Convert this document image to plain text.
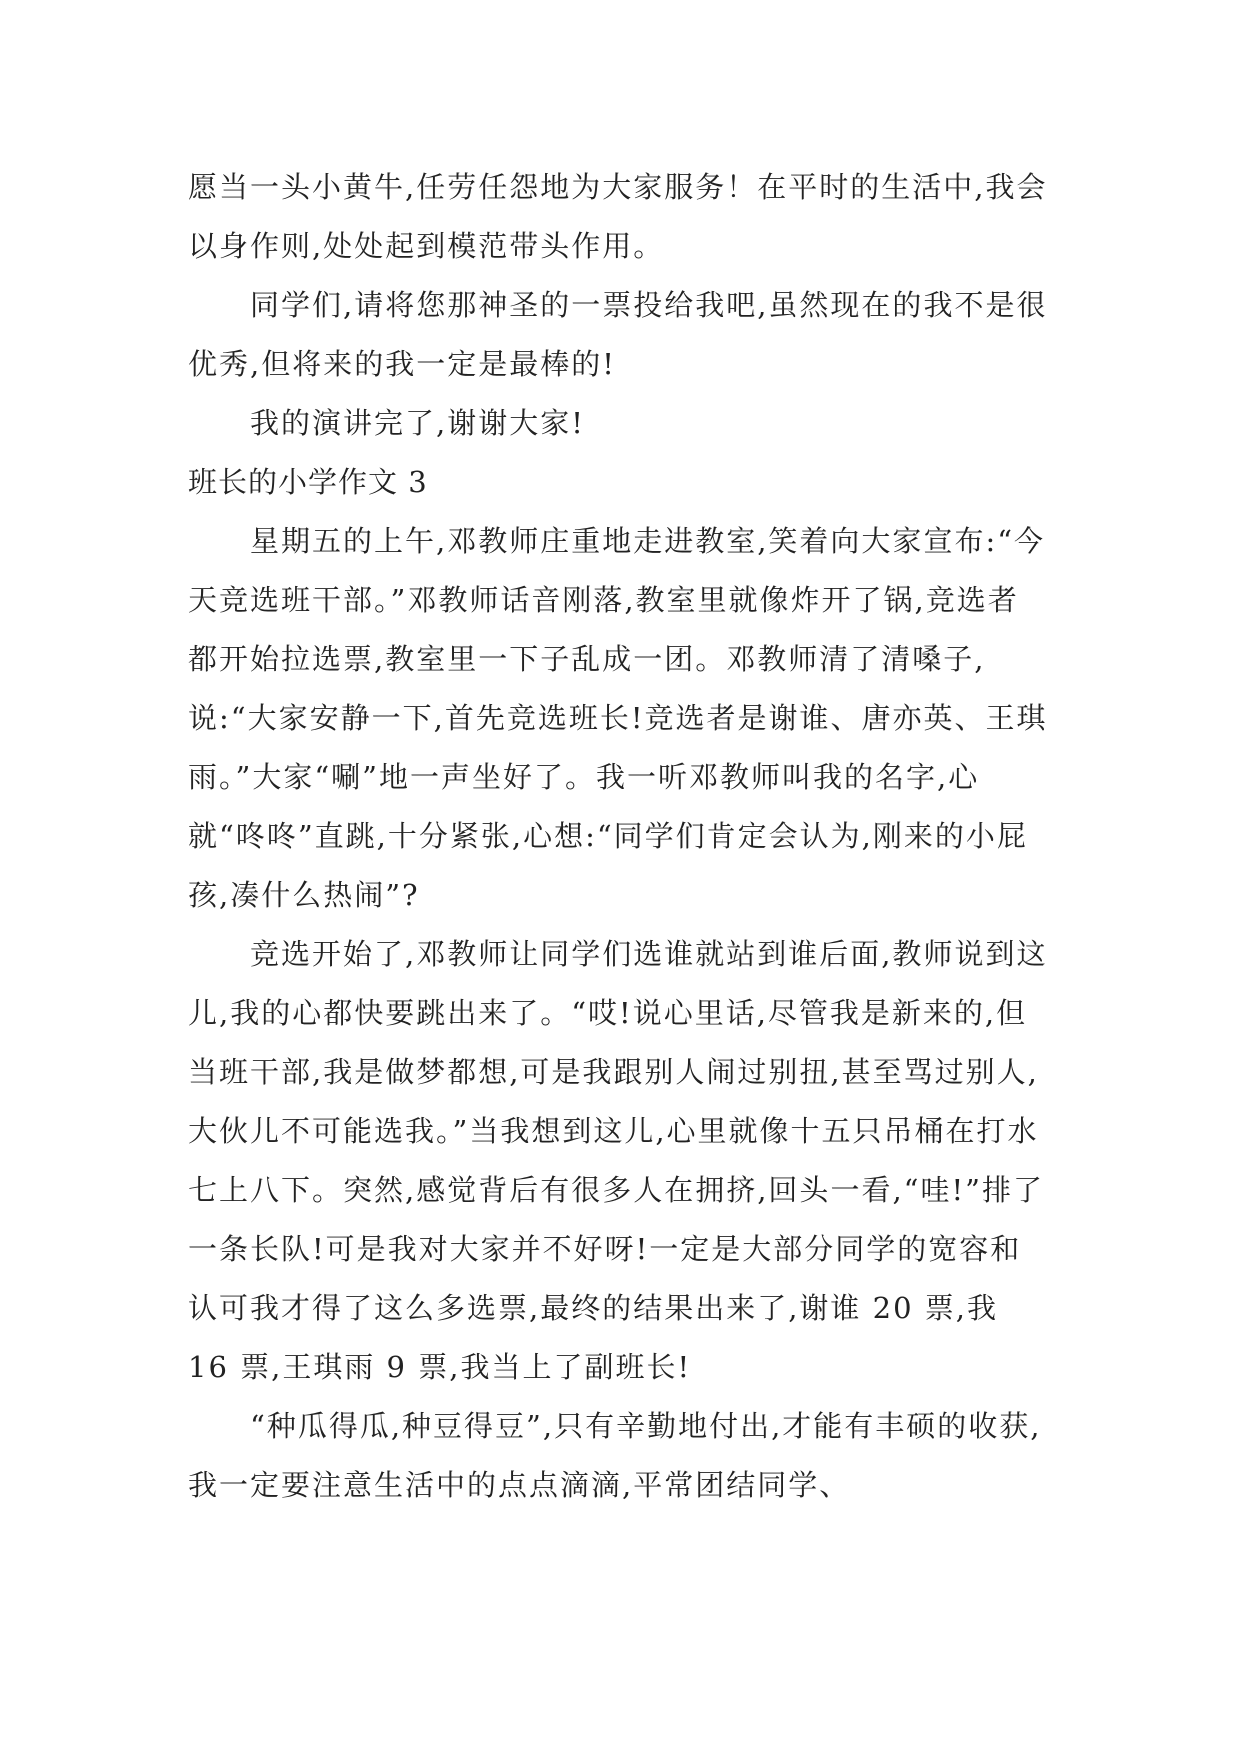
愿当一头小黄牛,任劳任怨地为大家服务！在平时的生活中,我会以身作则,处处起到模范带头作用。

同学们,请将您那神圣的一票投给我吧,虽然现在的我不是很优秀,但将来的我一定是最棒的!

我的演讲完了,谢谢大家!

班长的小学作文 3

星期五的上午,邓教师庄重地走进教室,笑着向大家宣布:“今天竞选班干部。”邓教师话音刚落,教室里就像炸开了锅,竞选者都开始拉选票,教室里一下子乱成一团。邓教师清了清嗓子,说:“大家安静一下,首先竞选班长!竞选者是谢谁、唐亦英、王琪雨。”大家“唰”地一声坐好了。我一听邓教师叫我的名字,心就“咚咚”直跳,十分紧张,心想:“同学们肯定会认为,刚来的小屁孩,凑什么热闹”?

竞选开始了,邓教师让同学们选谁就站到谁后面,教师说到这儿,我的心都快要跳出来了。“哎!说心里话,尽管我是新来的,但当班干部,我是做梦都想,可是我跟别人闹过别扭,甚至骂过别人,大伙儿不可能选我。”当我想到这儿,心里就像十五只吊桶在打水七上八下。突然,感觉背后有很多人在拥挤,回头一看,“哇!”排了一条长队!可是我对大家并不好呀!一定是大部分同学的宽容和认可我才得了这么多选票,最终的结果出来了,谢谁 20 票,我 16 票,王琪雨 9 票,我当上了副班长!

“种瓜得瓜,种豆得豆”,只有辛勤地付出,才能有丰硕的收获,我一定要注意生活中的点点滴滴,平常团结同学、
